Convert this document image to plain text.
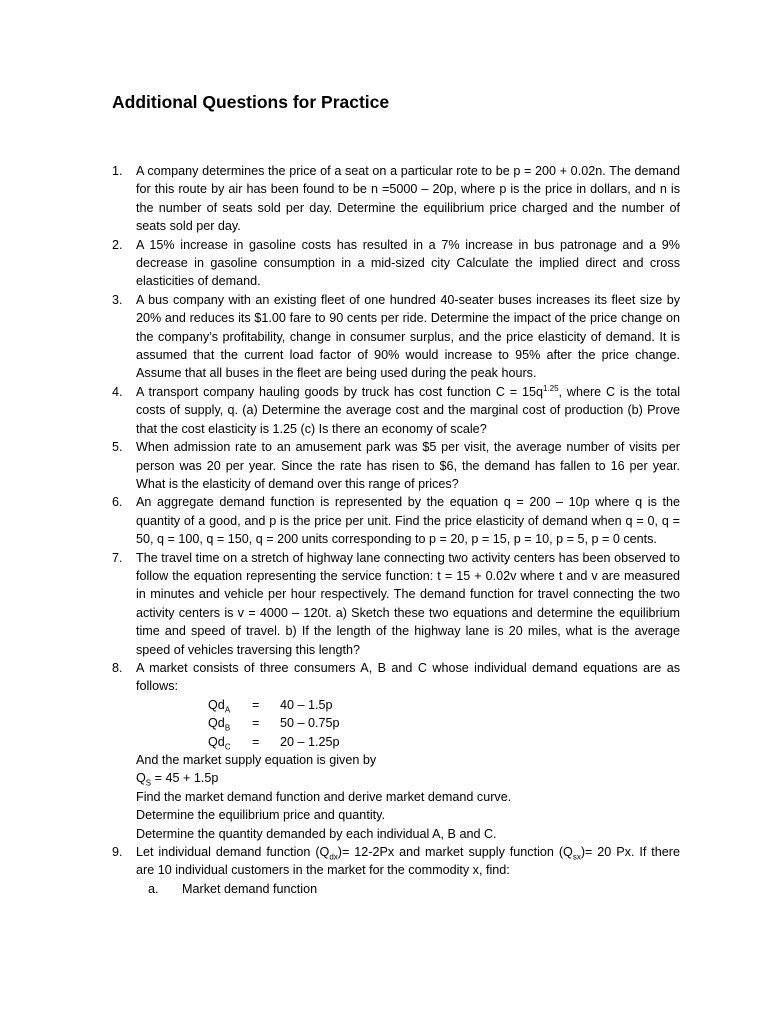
Additional Questions for Practice
1. A company determines the price of a seat on a particular rote to be p = 200 + 0.02n. The demand for this route by air has been found to be n =5000 – 20p, where p is the price in dollars, and n is the number of seats sold per day. Determine the equilibrium price charged and the number of seats sold per day.
2. A 15% increase in gasoline costs has resulted in a 7% increase in bus patronage and a 9% decrease in gasoline consumption in a mid-sized city Calculate the implied direct and cross elasticities of demand.
3. A bus company with an existing fleet of one hundred 40-seater buses increases its fleet size by 20% and reduces its $1.00 fare to 90 cents per ride. Determine the impact of the price change on the company’s profitability, change in consumer surplus, and the price elasticity of demand. It is assumed that the current load factor of 90% would increase to 95% after the price change. Assume that all buses in the fleet are being used during the peak hours.
4. A transport company hauling goods by truck has cost function $C = 15q^{1.25}$, where C is the total costs of supply, q. (a) Determine the average cost and the marginal cost of production (b) Prove that the cost elasticity is 1.25 (c) Is there an economy of scale?
5. When admission rate to an amusement park was $5 per visit, the average number of visits per person was 20 per year. Since the rate has risen to $6, the demand has fallen to 16 per year. What is the elasticity of demand over this range of prices?
6. An aggregate demand function is represented by the equation q = 200 – 10p where q is the quantity of a good, and p is the price per unit. Find the price elasticity of demand when q = 0, q = 50, q = 100, q = 150, q = 200 units corresponding to p = 20, p = 15, p = 10, p = 5, p = 0 cents.
7. The travel time on a stretch of highway lane connecting two activity centers has been observed to follow the equation representing the service function: t = 15 + 0.02v where t and v are measured in minutes and vehicle per hour respectively. The demand function for travel connecting the two activity centers is v = 4000 – 120t. a) Sketch these two equations and determine the equilibrium time and speed of travel. b) If the length of the highway lane is 20 miles, what is the average speed of vehicles traversing this length?
8. A market consists of three consumers A, B and C whose individual demand equations are as follows:
$Qd_A$	=	40 – 1.5p
$Qd_B$	=	50 – 0.75p
$Qd_C$	=	20 – 1.25p
And the market supply equation is given by
$Q_S = 45 + 1.5p$
Find the market demand function and derive market demand curve.
Determine the equilibrium price and quantity.
Determine the quantity demanded by each individual A, B and C.
9. Let individual demand function $(Q_{dx})= 12-2Px$ and market supply function $(Q_{sx})= 20$ Px. If there are 10 individual customers in the market for the commodity x, find:
a. Market demand function
